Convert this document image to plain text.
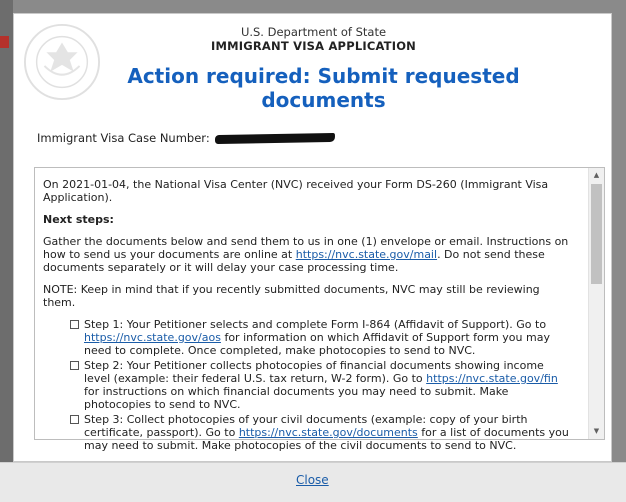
U.S. Department of State
IMMIGRANT VISA APPLICATION
Action required: Submit requested documents
Immigrant Visa Case Number:

On 2021-01-04, the National Visa Center (NVC) received your Form DS-260 (Immigrant Visa Application).

Next steps:

Gather the documents below and send them to us in one (1) envelope or email. Instructions on how to send us your documents are online at https://nvc.state.gov/mail. Do not send these documents separately or it will delay your case processing time.

NOTE: Keep in mind that if you recently submitted documents, NVC may still be reviewing them.

Step 1: Your Petitioner selects and complete Form I-864 (Affidavit of Support). Go to https://nvc.state.gov/aos for information on which Affidavit of Support form you may need to complete. Once completed, make photocopies to send to NVC.
Step 2: Your Petitioner collects photocopies of financial documents showing income level (example: their federal U.S. tax return, W-2 form). Go to https://nvc.state.gov/fin for instructions on which financial documents you may need to submit. Make photocopies to send to NVC.
Step 3: Collect photocopies of your civil documents (example: copy of your birth certificate, passport). Go to https://nvc.state.gov/documents for a list of documents you may need to submit. Make photocopies of the civil documents to send to NVC.
▲
▼
Close
